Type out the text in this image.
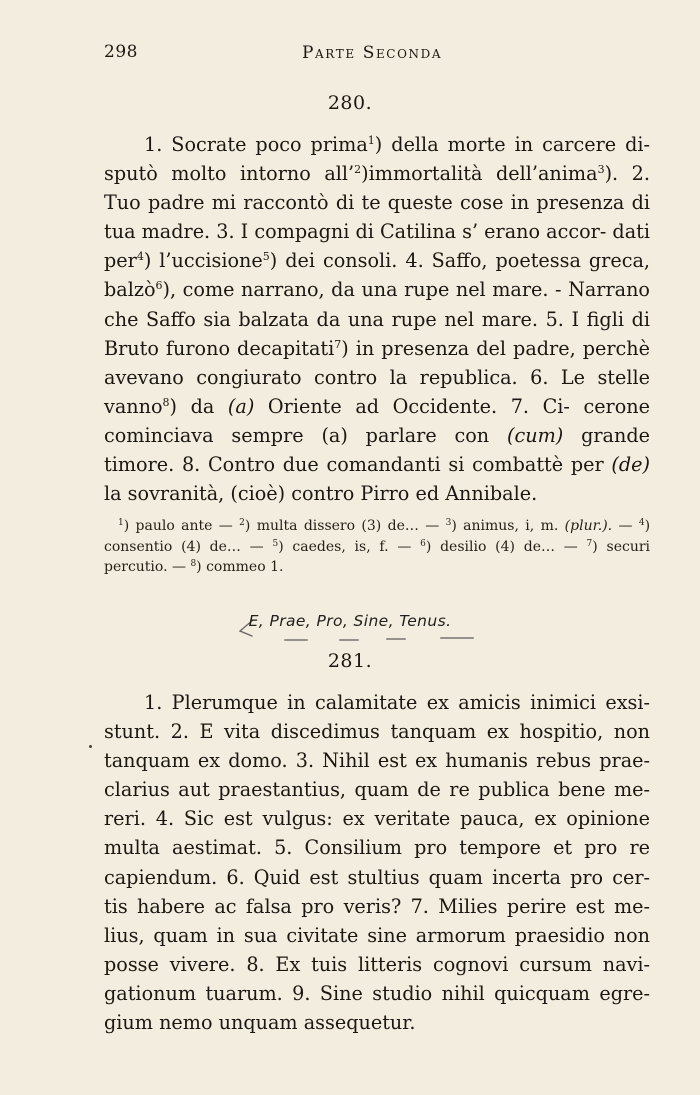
298	Parte Seconda
280.

1. Socrate poco prima$^1$) della morte in carcere di- sputò molto intorno all’$^2$)immortalità dell’anima$^3$). 2. Tuo padre mi raccontò di te queste cose in presenza di tua madre. 3. I compagni di Catilina s’ erano accor- dati per$^4$) l’uccisione$^5$) dei consoli. 4. Saffo, poetessa greca, balzò$^6$), come narrano, da una rupe nel mare. - Narrano che Saffo sia balzata da una rupe nel mare. 5. I figli di Bruto furono decapitati$^7$) in presenza del padre, perchè avevano congiurato contro la republica. 6. Le stelle vanno$^8$) da (a) Oriente ad Occidente. 7. Ci- cerone cominciava sempre (a) parlare con (cum) grande timore. 8. Contro due comandanti si combattè per (de) la sovranità, (cioè) contro Pirro ed Annibale.

$^1$) paulo ante — $^2$) multa dissero (3) de… — $^3$) animus, i, m. (plur.). — $^4$) consentio (4) de… — $^5$) caedes, is, f. — $^6$) desilio (4) de… — $^7$) securi percutio. — $^8$) commeo 1.

E, Prae, Pro, Sine, Tenus.
281.

1. Plerumque in calamitate ex amicis inimici exsi- stunt. 2. E vita discedimus tanquam ex hospitio, non tanquam ex domo. 3. Nihil est ex humanis rebus prae- clarius aut praestantius, quam de re publica bene me- reri. 4. Sic est vulgus: ex veritate pauca, ex opinione multa aestimat. 5. Consilium pro tempore et pro re capiendum. 6. Quid est stultius quam incerta pro cer- tis habere ac falsa pro veris? 7. Milies perire est me- lius, quam in sua civitate sine armorum praesidio non posse vivere. 8. Ex tuis litteris cognovi cursum navi- gationum tuarum. 9. Sine studio nihil quicquam egre- gium nemo unquam assequetur.
